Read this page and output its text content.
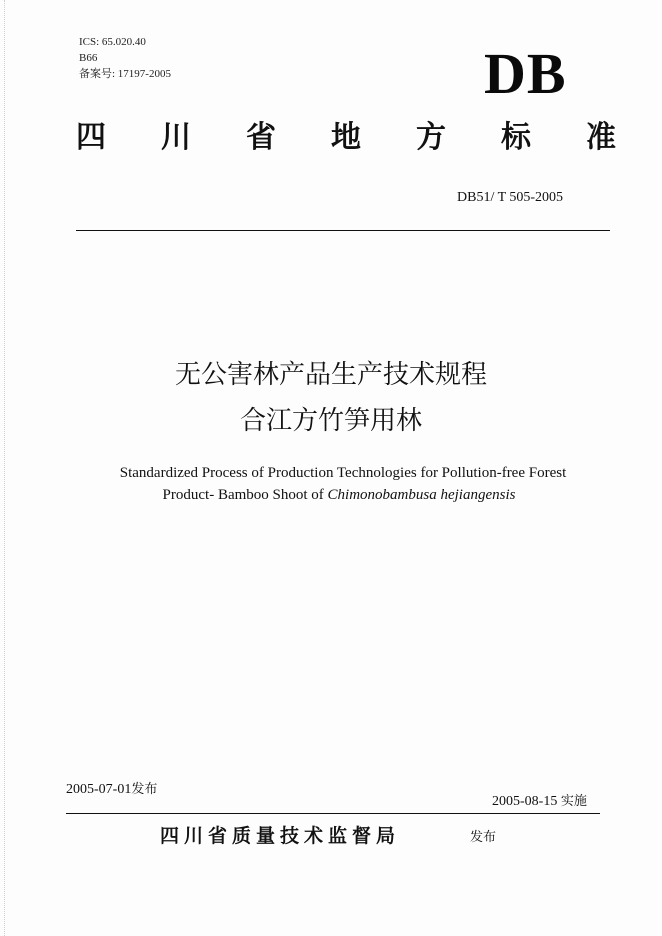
ICS: 65.020.40
B66
备案号: 17197-2005	DB
四 川 省 地 方 标 准
DB51/ T 505-2005
无公害林产品生产技术规程
合江方竹笋用林
Standardized Process of Production Technologies for Pollution-free Forest
Product- Bamboo Shoot of Chimonobambusa hejiangensis
2005-07-01发布
2005-08-15 实施
四川省质量技术监督局	发布
